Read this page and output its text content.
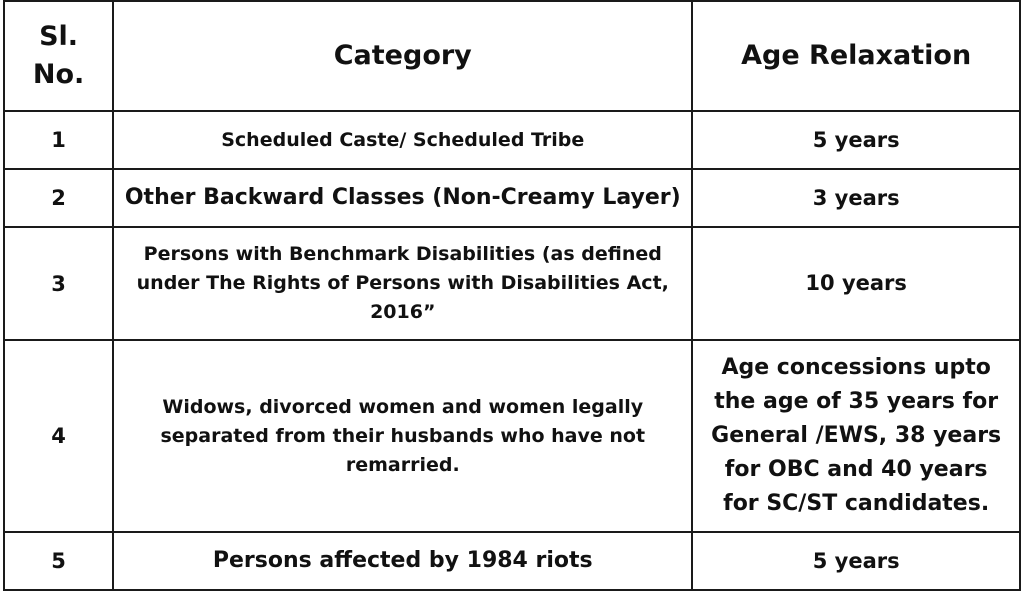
Sl. No.	Category	Age Relaxation
1	Scheduled Caste/ Scheduled Tribe	5 years
2	Other Backward Classes (Non-Creamy Layer)	3 years
3	Persons with Benchmark Disabilities (as defined under The Rights of Persons with Disabilities Act, 2016”	10 years
4	Widows, divorced women and women legally separated from their husbands who have not remarried.	Age concessions upto the age of 35 years for General /EWS, 38 years for OBC and 40 years for SC/ST candidates.
5	Persons affected by 1984 riots	5 years
